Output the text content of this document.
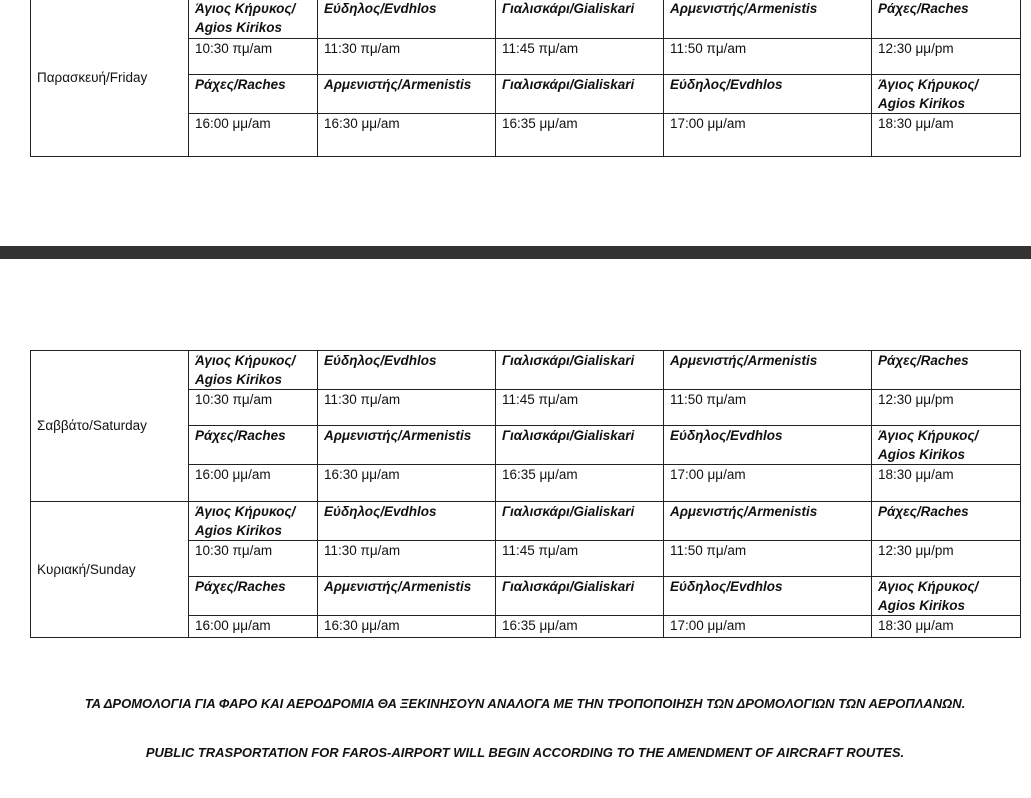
Παρασκευή/Friday	Άγιος Κήρυκος/ Agios Kirikos	Εύδηλος/Evdhlos	Γιαλισκάρι/Gialiskari	Αρμενιστής/Armenistis	Ράχες/Raches
	10:30 πμ/am	11:30 πμ/am	11:45 πμ/am	11:50 πμ/am	12:30 μμ/pm
	Ράχες/Raches	Αρμενιστής/Armenistis	Γιαλισκάρι/Gialiskari	Εύδηλος/Evdhlos	Άγιος Κήρυκος/ Agios Kirikos
	16:00 μμ/am	16:30 μμ/am	16:35 μμ/am	17:00 μμ/am	18:30 μμ/am
Σαββάτο/Saturday	Άγιος Κήρυκος/ Agios Kirikos	Εύδηλος/Evdhlos	Γιαλισκάρι/Gialiskari	Αρμενιστής/Armenistis	Ράχες/Raches
	10:30 πμ/am	11:30 πμ/am	11:45 πμ/am	11:50 πμ/am	12:30 μμ/pm
	Ράχες/Raches	Αρμενιστής/Armenistis	Γιαλισκάρι/Gialiskari	Εύδηλος/Evdhlos	Άγιος Κήρυκος/ Agios Kirikos
	16:00 μμ/am	16:30 μμ/am	16:35 μμ/am	17:00 μμ/am	18:30 μμ/am
Κυριακή/Sunday	Άγιος Κήρυκος/ Agios Kirikos	Εύδηλος/Evdhlos	Γιαλισκάρι/Gialiskari	Αρμενιστής/Armenistis	Ράχες/Raches
	10:30 πμ/am	11:30 πμ/am	11:45 πμ/am	11:50 πμ/am	12:30 μμ/pm
	Ράχες/Raches	Αρμενιστής/Armenistis	Γιαλισκάρι/Gialiskari	Εύδηλος/Evdhlos	Άγιος Κήρυκος/ Agios Kirikos
	16:00 μμ/am	16:30 μμ/am	16:35 μμ/am	17:00 μμ/am	18:30 μμ/am
ΤΑ ΔΡΟΜΟΛΟΓΙΑ ΓΙΑ ΦΑΡΟ ΚΑΙ ΑΕΡΟΔΡΟΜΙΑ ΘΑ ΞΕΚΙΝΗΣΟΥΝ ΑΝΑΛΟΓΑ ΜΕ ΤΗΝ ΤΡΟΠΟΠΟΙΗΣΗ ΤΩΝ ΔΡΟΜΟΛΟΓΙΩΝ ΤΩΝ ΑΕΡΟΠΛΑΝΩΝ.
PUBLIC TRASPORTATION FOR FAROS-AIRPORT WILL BEGIN ACCORDING TO THE AMENDMENT OF AIRCRAFT ROUTES.
